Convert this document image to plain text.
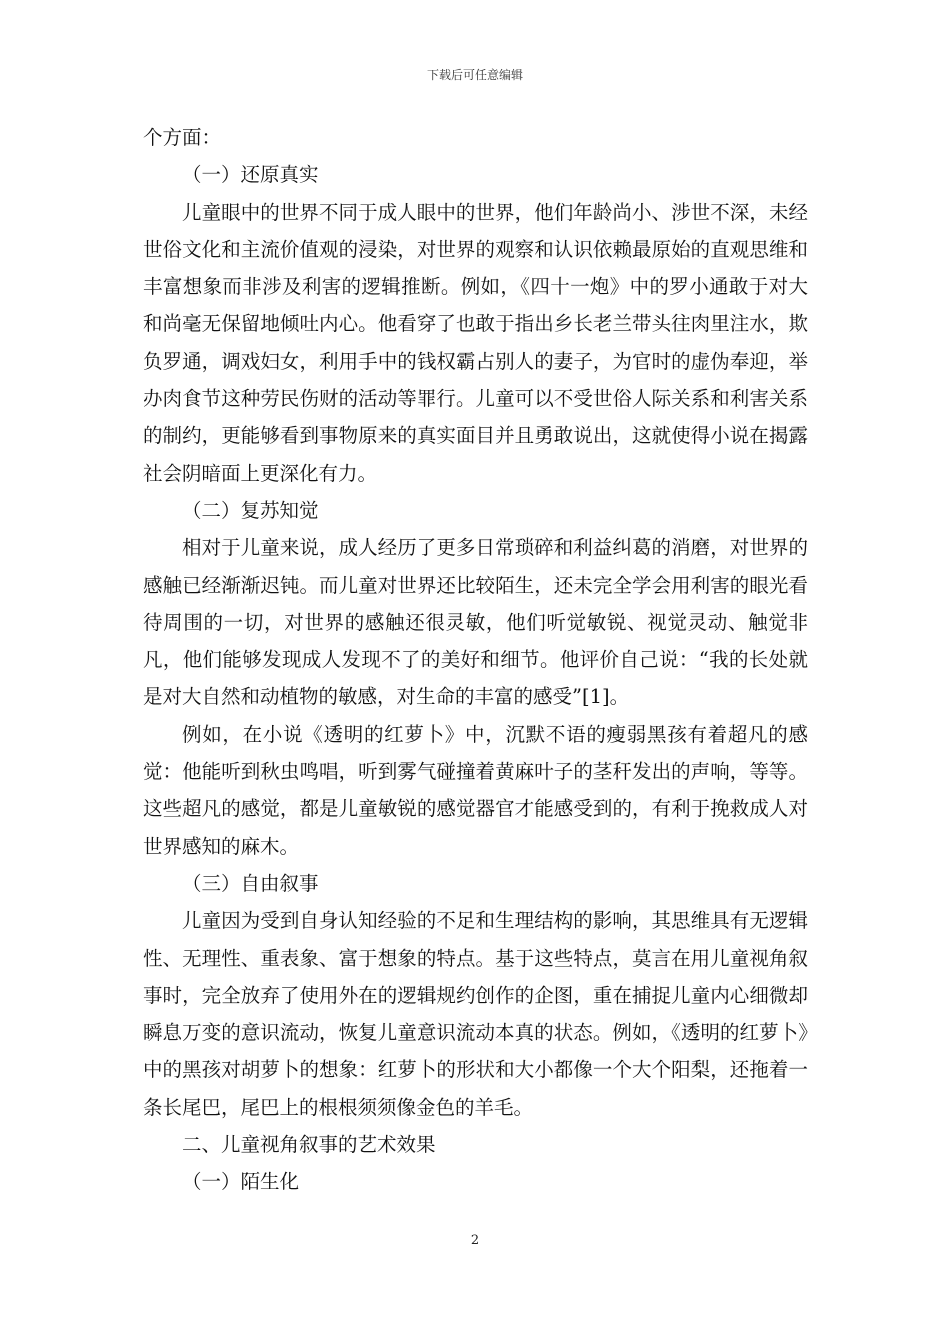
下载后可任意编辑

个方面：

（一）还原真实

儿童眼中的世界不同于成人眼中的世界，他们年龄尚小、涉世不深，未经世俗文化和主流价值观的浸染，对世界的观察和认识依赖最原始的直观思维和丰富想象而非涉及利害的逻辑推断。例如，《四十一炮》中的罗小通敢于对大和尚毫无保留地倾吐内心。他看穿了也敢于指出乡长老兰带头往肉里注水，欺负罗通，调戏妇女，利用手中的钱权霸占别人的妻子，为官时的虚伪奉迎，举办肉食节这种劳民伤财的活动等罪行。儿童可以不受世俗人际关系和利害关系的制约，更能够看到事物原来的真实面目并且勇敢说出，这就使得小说在揭露社会阴暗面上更深化有力。

（二）复苏知觉

相对于儿童来说，成人经历了更多日常琐碎和利益纠葛的消磨，对世界的感触已经渐渐迟钝。而儿童对世界还比较陌生，还未完全学会用利害的眼光看待周围的一切，对世界的感触还很灵敏，他们听觉敏锐、视觉灵动、触觉非凡，他们能够发现成人发现不了的美好和细节。他评价自己说：“我的长处就是对大自然和动植物的敏感，对生命的丰富的感受”[1]。

例如，在小说《透明的红萝卜》中，沉默不语的瘦弱黑孩有着超凡的感觉：他能听到秋虫鸣唱，听到雾气碰撞着黄麻叶子的茎秆发出的声响，等等。这些超凡的感觉，都是儿童敏锐的感觉器官才能感受到的，有利于挽救成人对世界感知的麻木。

（三）自由叙事

儿童因为受到自身认知经验的不足和生理结构的影响，其思维具有无逻辑性、无理性、重表象、富于想象的特点。基于这些特点，莫言在用儿童视角叙事时，完全放弃了使用外在的逻辑规约创作的企图，重在捕捉儿童内心细微却瞬息万变的意识流动，恢复儿童意识流动本真的状态。例如，《透明的红萝卜》中的黑孩对胡萝卜的想象：红萝卜的形状和大小都像一个大个阳梨，还拖着一条长尾巴，尾巴上的根根须须像金色的羊毛。

二、儿童视角叙事的艺术效果

（一）陌生化

2
